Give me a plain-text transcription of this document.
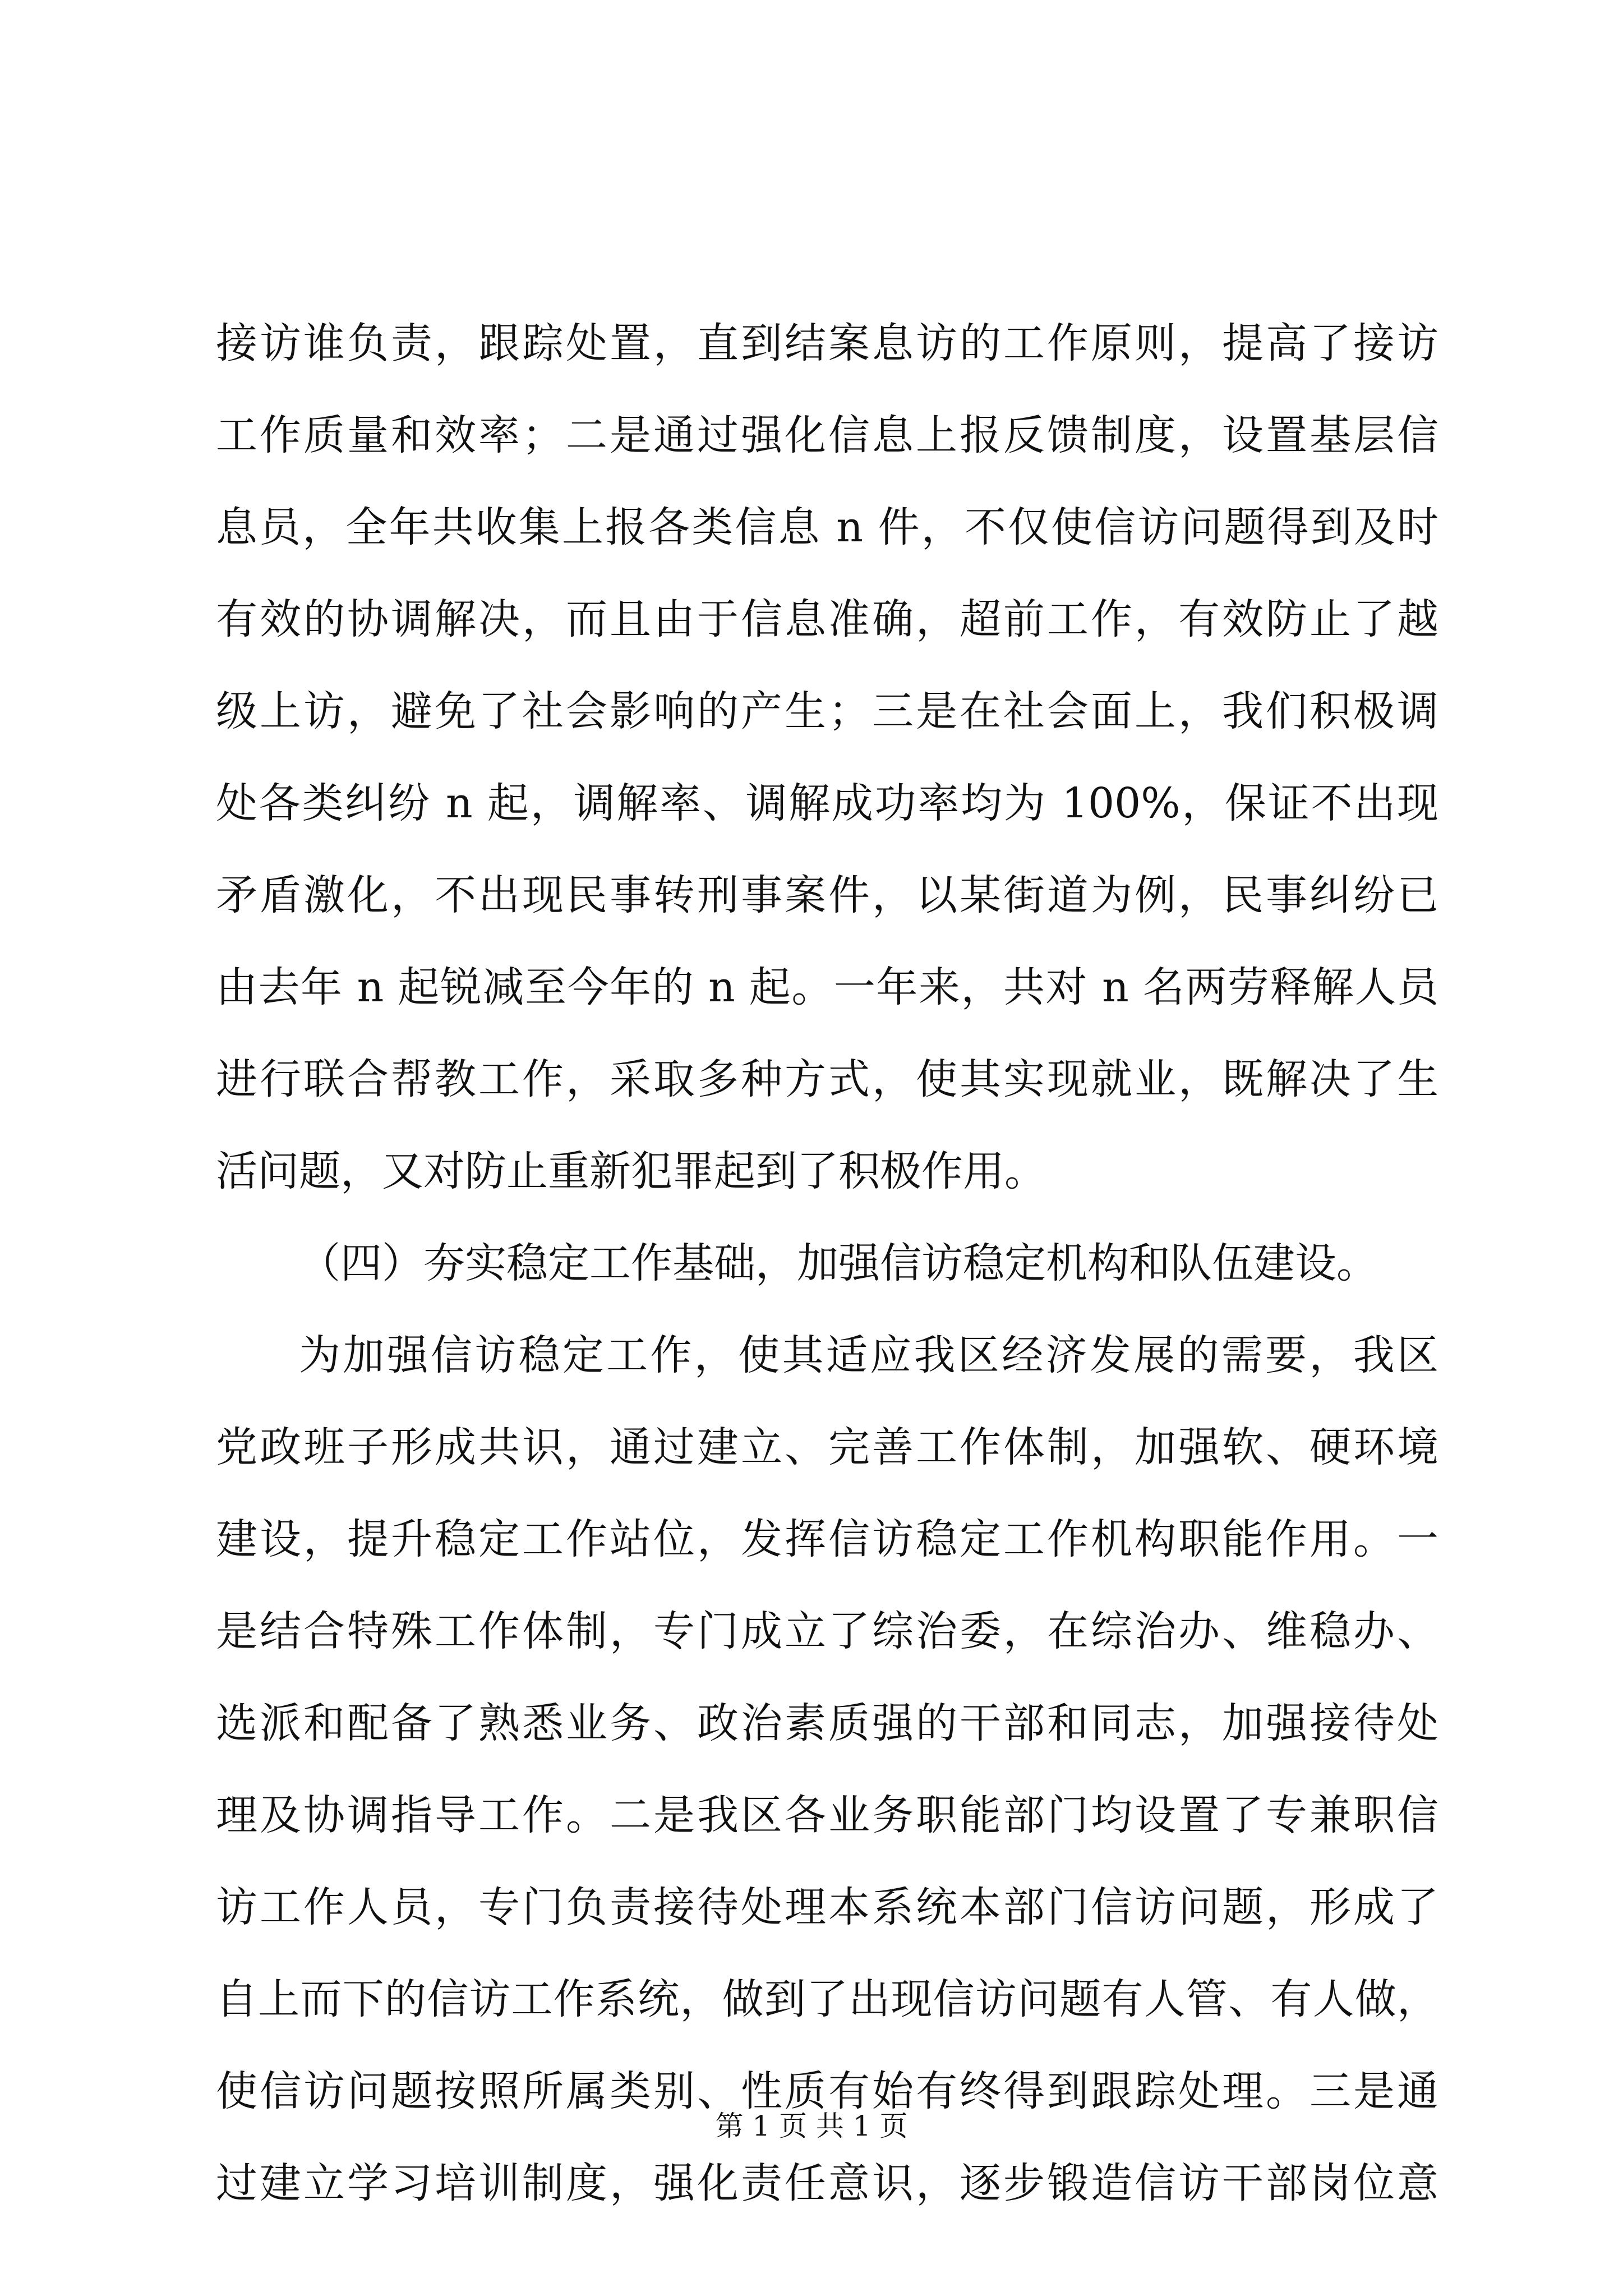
接访谁负责，跟踪处置，直到结案息访的工作原则，提高了接访
工作质量和效率；二是通过强化信息上报反馈制度，设置基层信
息员，全年共收集上报各类信息 n 件，不仅使信访问题得到及时
有效的协调解决，而且由于信息准确，超前工作，有效防止了越
级上访，避免了社会影响的产生；三是在社会面上，我们积极调
处各类纠纷 n 起，调解率、调解成功率均为 100%，保证不出现
矛盾激化，不出现民事转刑事案件，以某街道为例，民事纠纷已
由去年 n 起锐减至今年的 n 起。一年来，共对 n 名两劳释解人员
进行联合帮教工作，采取多种方式，使其实现就业，既解决了生
活问题，又对防止重新犯罪起到了积极作用。
（四）夯实稳定工作基础，加强信访稳定机构和队伍建设。
为加强信访稳定工作，使其适应我区经济发展的需要，我区
党政班子形成共识，通过建立、完善工作体制，加强软、硬环境
建设，提升稳定工作站位，发挥信访稳定工作机构职能作用。一
是结合特殊工作体制，专门成立了综治委，在综治办、维稳办、
选派和配备了熟悉业务、政治素质强的干部和同志，加强接待处
理及协调指导工作。二是我区各业务职能部门均设置了专兼职信
访工作人员，专门负责接待处理本系统本部门信访问题，形成了
自上而下的信访工作系统，做到了出现信访问题有人管、有人做，
使信访问题按照所属类别、性质有始有终得到跟踪处理。三是通
过建立学习培训制度，强化责任意识，逐步锻造信访干部岗位意
第 1 页 共 1 页
